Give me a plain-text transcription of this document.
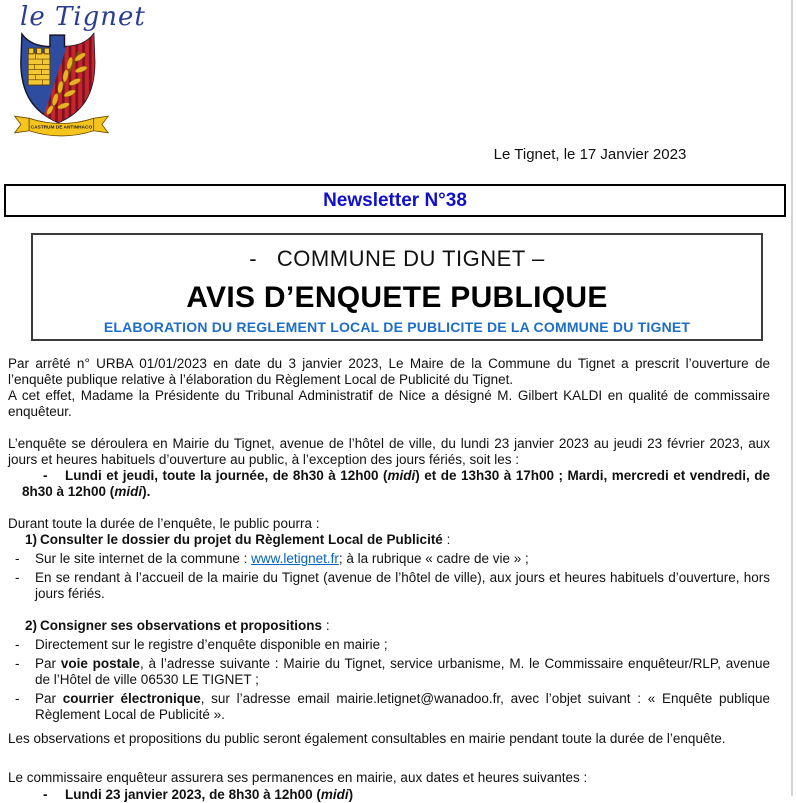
le Tignet
CASTRUM DE ANTINHACO
Le Tignet, le 17 Janvier 2023
Newsletter N°38
-   COMMUNE DU TIGNET –
AVIS D’ENQUETE PUBLIQUE
ELABORATION DU REGLEMENT LOCAL DE PUBLICITE DE LA COMMUNE DU TIGNET

Par arrêté n° URBA 01/01/2023 en date du 3 janvier 2023, Le Maire de la Commune du Tignet a prescrit l’ouverture de l’enquête publique relative à l’élaboration du Règlement Local de Publicité du Tignet.

A cet effet, Madame la Présidente du Tribunal Administratif de Nice a désigné M. Gilbert KALDI en qualité de commissaire enquêteur.

L’enquête se déroulera en Mairie du Tignet, avenue de l’hôtel de ville, du lundi 23 janvier 2023 au jeudi 23 février 2023, aux jours et heures habituels d’ouverture au public, à l’exception des jours fériés, soit les :

- Lundi et jeudi, toute la journée, de 8h30 à 12h00 (midi) et de 13h30 à 17h00 ; Mardi, mercredi et vendredi, de 8h30 à 12h00 (midi).

Durant toute la durée de l’enquête, le public pourra :

1) Consulter le dossier du projet du Règlement Local de Publicité :
- Sur le site internet de la commune : www.letignet.fr; à la rubrique « cadre de vie » ;
- En se rendant à l’accueil de la mairie du Tignet (avenue de l’hôtel de ville), aux jours et heures habituels d’ouverture, hors jours fériés.
2) Consigner ses observations et propositions :
- Directement sur le registre d’enquête disponible en mairie ;
- Par voie postale, à l’adresse suivante : Mairie du Tignet, service urbanisme, M. le Commissaire enquêteur/RLP, avenue de l’Hôtel de ville 06530 LE TIGNET ;
- Par courrier électronique, sur l’adresse email mairie.letignet@wanadoo.fr, avec l’objet suivant : « Enquête publique Règlement Local de Publicité ».

Les observations et propositions du public seront également consultables en mairie pendant toute la durée de l’enquête.

Le commissaire enquêteur assurera ses permanences en mairie, aux dates et heures suivantes :

- Lundi 23 janvier 2023, de 8h30 à 12h00 (midi)
